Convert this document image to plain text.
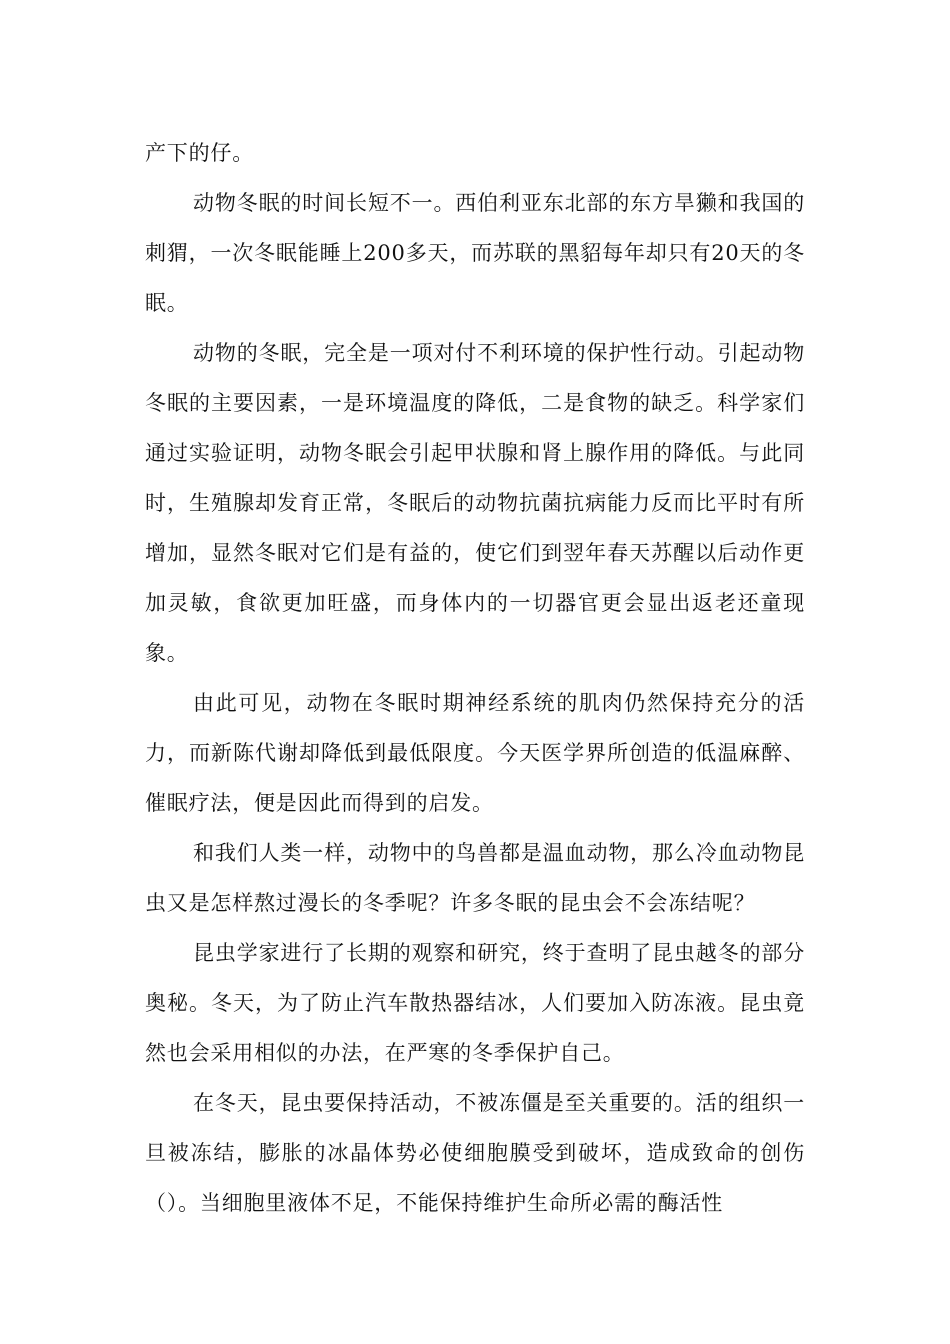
产下的仔。

动物冬眠的时间长短不一。西伯利亚东北部的东方旱獭和我国的刺猬，一次冬眠能睡上200多天，而苏联的黑貂每年却只有20天的冬眠。

动物的冬眠，完全是一项对付不利环境的保护性行动。引起动物冬眠的主要因素，一是环境温度的降低，二是食物的缺乏。科学家们通过实验证明，动物冬眠会引起甲状腺和肾上腺作用的降低。与此同时，生殖腺却发育正常，冬眠后的动物抗菌抗病能力反而比平时有所增加，显然冬眠对它们是有益的，使它们到翌年春天苏醒以后动作更加灵敏，食欲更加旺盛，而身体内的一切器官更会显出返老还童现象。

由此可见，动物在冬眠时期神经系统的肌肉仍然保持充分的活力，而新陈代谢却降低到最低限度。今天医学界所创造的低温麻醉、催眠疗法，便是因此而得到的启发。

和我们人类一样，动物中的鸟兽都是温血动物，那么冷血动物昆虫又是怎样熬过漫长的冬季呢？许多冬眠的昆虫会不会冻结呢？

昆虫学家进行了长期的观察和研究，终于查明了昆虫越冬的部分奥秘。冬天，为了防止汽车散热器结冰，人们要加入防冻液。昆虫竟然也会采用相似的办法，在严寒的冬季保护自己。

在冬天，昆虫要保持活动，不被冻僵是至关重要的。活的组织一旦被冻结，膨胀的冰晶体势必使细胞膜受到破坏，造成致命的创伤（）。当细胞里液体不足，不能保持维护生命所必需的酶活性
